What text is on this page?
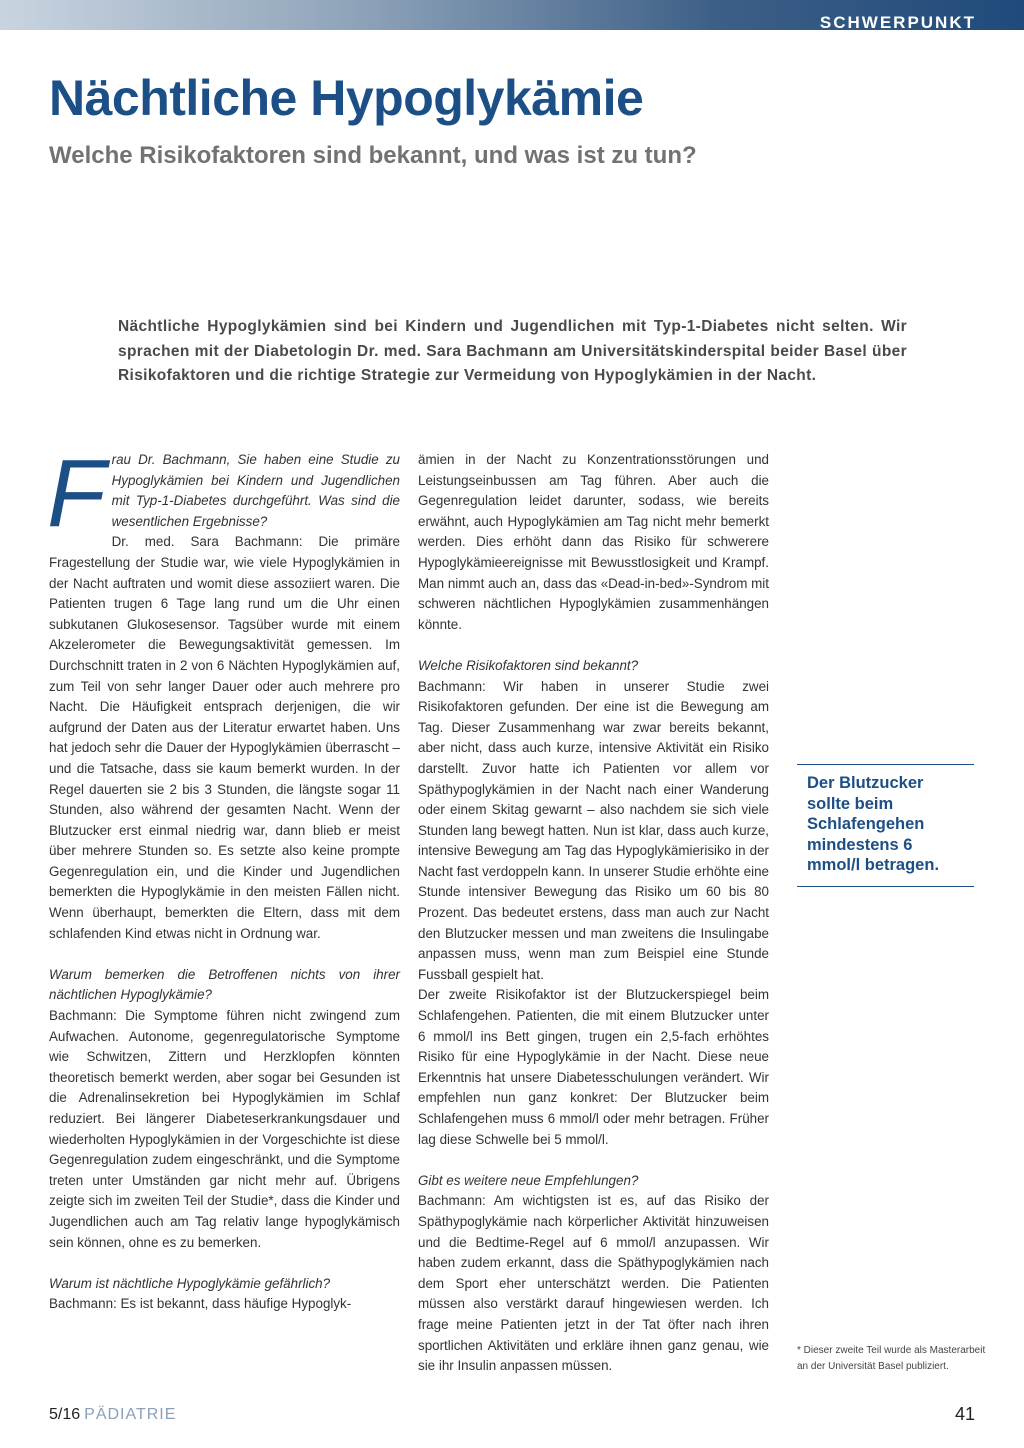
SCHWERPUNKT
Nächtliche Hypoglykämie
Welche Risikofaktoren sind bekannt, und was ist zu tun?

Nächtliche Hypoglykämien sind bei Kindern und Jugendlichen mit Typ-1-Diabetes nicht selten. Wir sprachen mit der Diabetologin Dr. med. Sara Bachmann am Universitätskinderspital beider Basel über Risikofaktoren und die richtige Strategie zur Vermeidung von Hypoglykämien in der Nacht.

Frau Dr. Bachmann, Sie haben eine Studie zu Hypoglykämien bei Kindern und Jugendlichen mit Typ-1-Diabetes durchgeführt. Was sind die wesentlichen Ergebnisse?

Dr. med. Sara Bachmann: Die primäre Fragestellung der Studie war, wie viele Hypoglykämien in der Nacht auftraten und womit diese assoziiert waren. Die Patienten trugen 6 Tage lang rund um die Uhr einen subkutanen Glukosesensor. Tagsüber wurde mit einem Akzelerometer die Bewegungsaktivität gemessen. Im Durchschnitt traten in 2 von 6 Nächten Hypoglykämien auf, zum Teil von sehr langer Dauer oder auch mehrere pro Nacht. Die Häufigkeit entsprach derjenigen, die wir aufgrund der Daten aus der Literatur erwartet haben. Uns hat jedoch sehr die Dauer der Hypoglykämien überrascht – und die Tatsache, dass sie kaum bemerkt wurden. In der Regel dauerten sie 2 bis 3 Stunden, die längste sogar 11 Stunden, also während der gesamten Nacht. Wenn der Blutzucker erst einmal niedrig war, dann blieb er meist über mehrere Stunden so. Es setzte also keine prompte Gegenregulation ein, und die Kinder und Jugendlichen bemerkten die Hypoglykämie in den meisten Fällen nicht. Wenn überhaupt, bemerkten die Eltern, dass mit dem schlafenden Kind etwas nicht in Ordnung war.

Warum bemerken die Betroffenen nichts von ihrer nächtlichen Hypoglykämie?

Bachmann: Die Symptome führen nicht zwingend zum Aufwachen. Autonome, gegenregulatorische Symptome wie Schwitzen, Zittern und Herzklopfen könnten theoretisch bemerkt werden, aber sogar bei Gesunden ist die Adrenalinsekretion bei Hypoglykämien im Schlaf reduziert. Bei längerer Diabeteserkrankungsdauer und wiederholten Hypoglykämien in der Vorgeschichte ist diese Gegenregulation zudem eingeschränkt, und die Symptome treten unter Umständen gar nicht mehr auf. Übrigens zeigte sich im zweiten Teil der Studie*, dass die Kinder und Jugendlichen auch am Tag relativ lange hypoglykämisch sein können, ohne es zu bemerken.

Warum ist nächtliche Hypoglykämie gefährlich?

Bachmann: Es ist bekannt, dass häufige Hypoglyk-

ämien in der Nacht zu Konzentrationsstörungen und Leistungseinbussen am Tag führen. Aber auch die Gegenregulation leidet darunter, sodass, wie bereits erwähnt, auch Hypoglykämien am Tag nicht mehr bemerkt werden. Dies erhöht dann das Risiko für schwerere Hypoglykämieereignisse mit Bewusstlosigkeit und Krampf. Man nimmt auch an, dass das «Dead-in-bed»-Syndrom mit schweren nächtlichen Hypoglykämien zusammenhängen könnte.

Welche Risikofaktoren sind bekannt?

Bachmann: Wir haben in unserer Studie zwei Risikofaktoren gefunden. Der eine ist die Bewegung am Tag. Dieser Zusammenhang war zwar bereits bekannt, aber nicht, dass auch kurze, intensive Aktivität ein Risiko darstellt. Zuvor hatte ich Patienten vor allem vor Späthypoglykämien in der Nacht nach einer Wanderung oder einem Skitag gewarnt – also nachdem sie sich viele Stunden lang bewegt hatten. Nun ist klar, dass auch kurze, intensive Bewegung am Tag das Hypoglykämierisiko in der Nacht fast verdoppeln kann. In unserer Studie erhöhte eine Stunde intensiver Bewegung das Risiko um 60 bis 80 Prozent. Das bedeutet erstens, dass man auch zur Nacht den Blutzucker messen und man zweitens die Insulingabe anpassen muss, wenn man zum Beispiel eine Stunde Fussball gespielt hat.

Der zweite Risikofaktor ist der Blutzuckerspiegel beim Schlafengehen. Patienten, die mit einem Blutzucker unter 6 mmol/l ins Bett gingen, trugen ein 2,5-fach erhöhtes Risiko für eine Hypoglykämie in der Nacht. Diese neue Erkenntnis hat unsere Diabetesschulungen verändert. Wir empfehlen nun ganz konkret: Der Blutzucker beim Schlafengehen muss 6 mmol/l oder mehr betragen. Früher lag diese Schwelle bei 5 mmol/l.

Gibt es weitere neue Empfehlungen?

Bachmann: Am wichtigsten ist es, auf das Risiko der Späthypoglykämie nach körperlicher Aktivität hinzuweisen und die Bedtime-Regel auf 6 mmol/l anzupassen. Wir haben zudem erkannt, dass die Späthypoglykämien nach dem Sport eher unterschätzt werden. Die Patienten müssen also verstärkt darauf hingewiesen werden. Ich frage meine Patienten jetzt in der Tat öfter nach ihren sportlichen Aktivitäten und erkläre ihnen ganz genau, wie sie ihr Insulin anpassen müssen.

Der Blutzucker sollte beim Schlafengehen mindestens 6 mmol/l betragen.
* Dieser zweite Teil wurde als Masterarbeit an der Universität Basel publiziert.
5/16 PÄDIATRIE	41
